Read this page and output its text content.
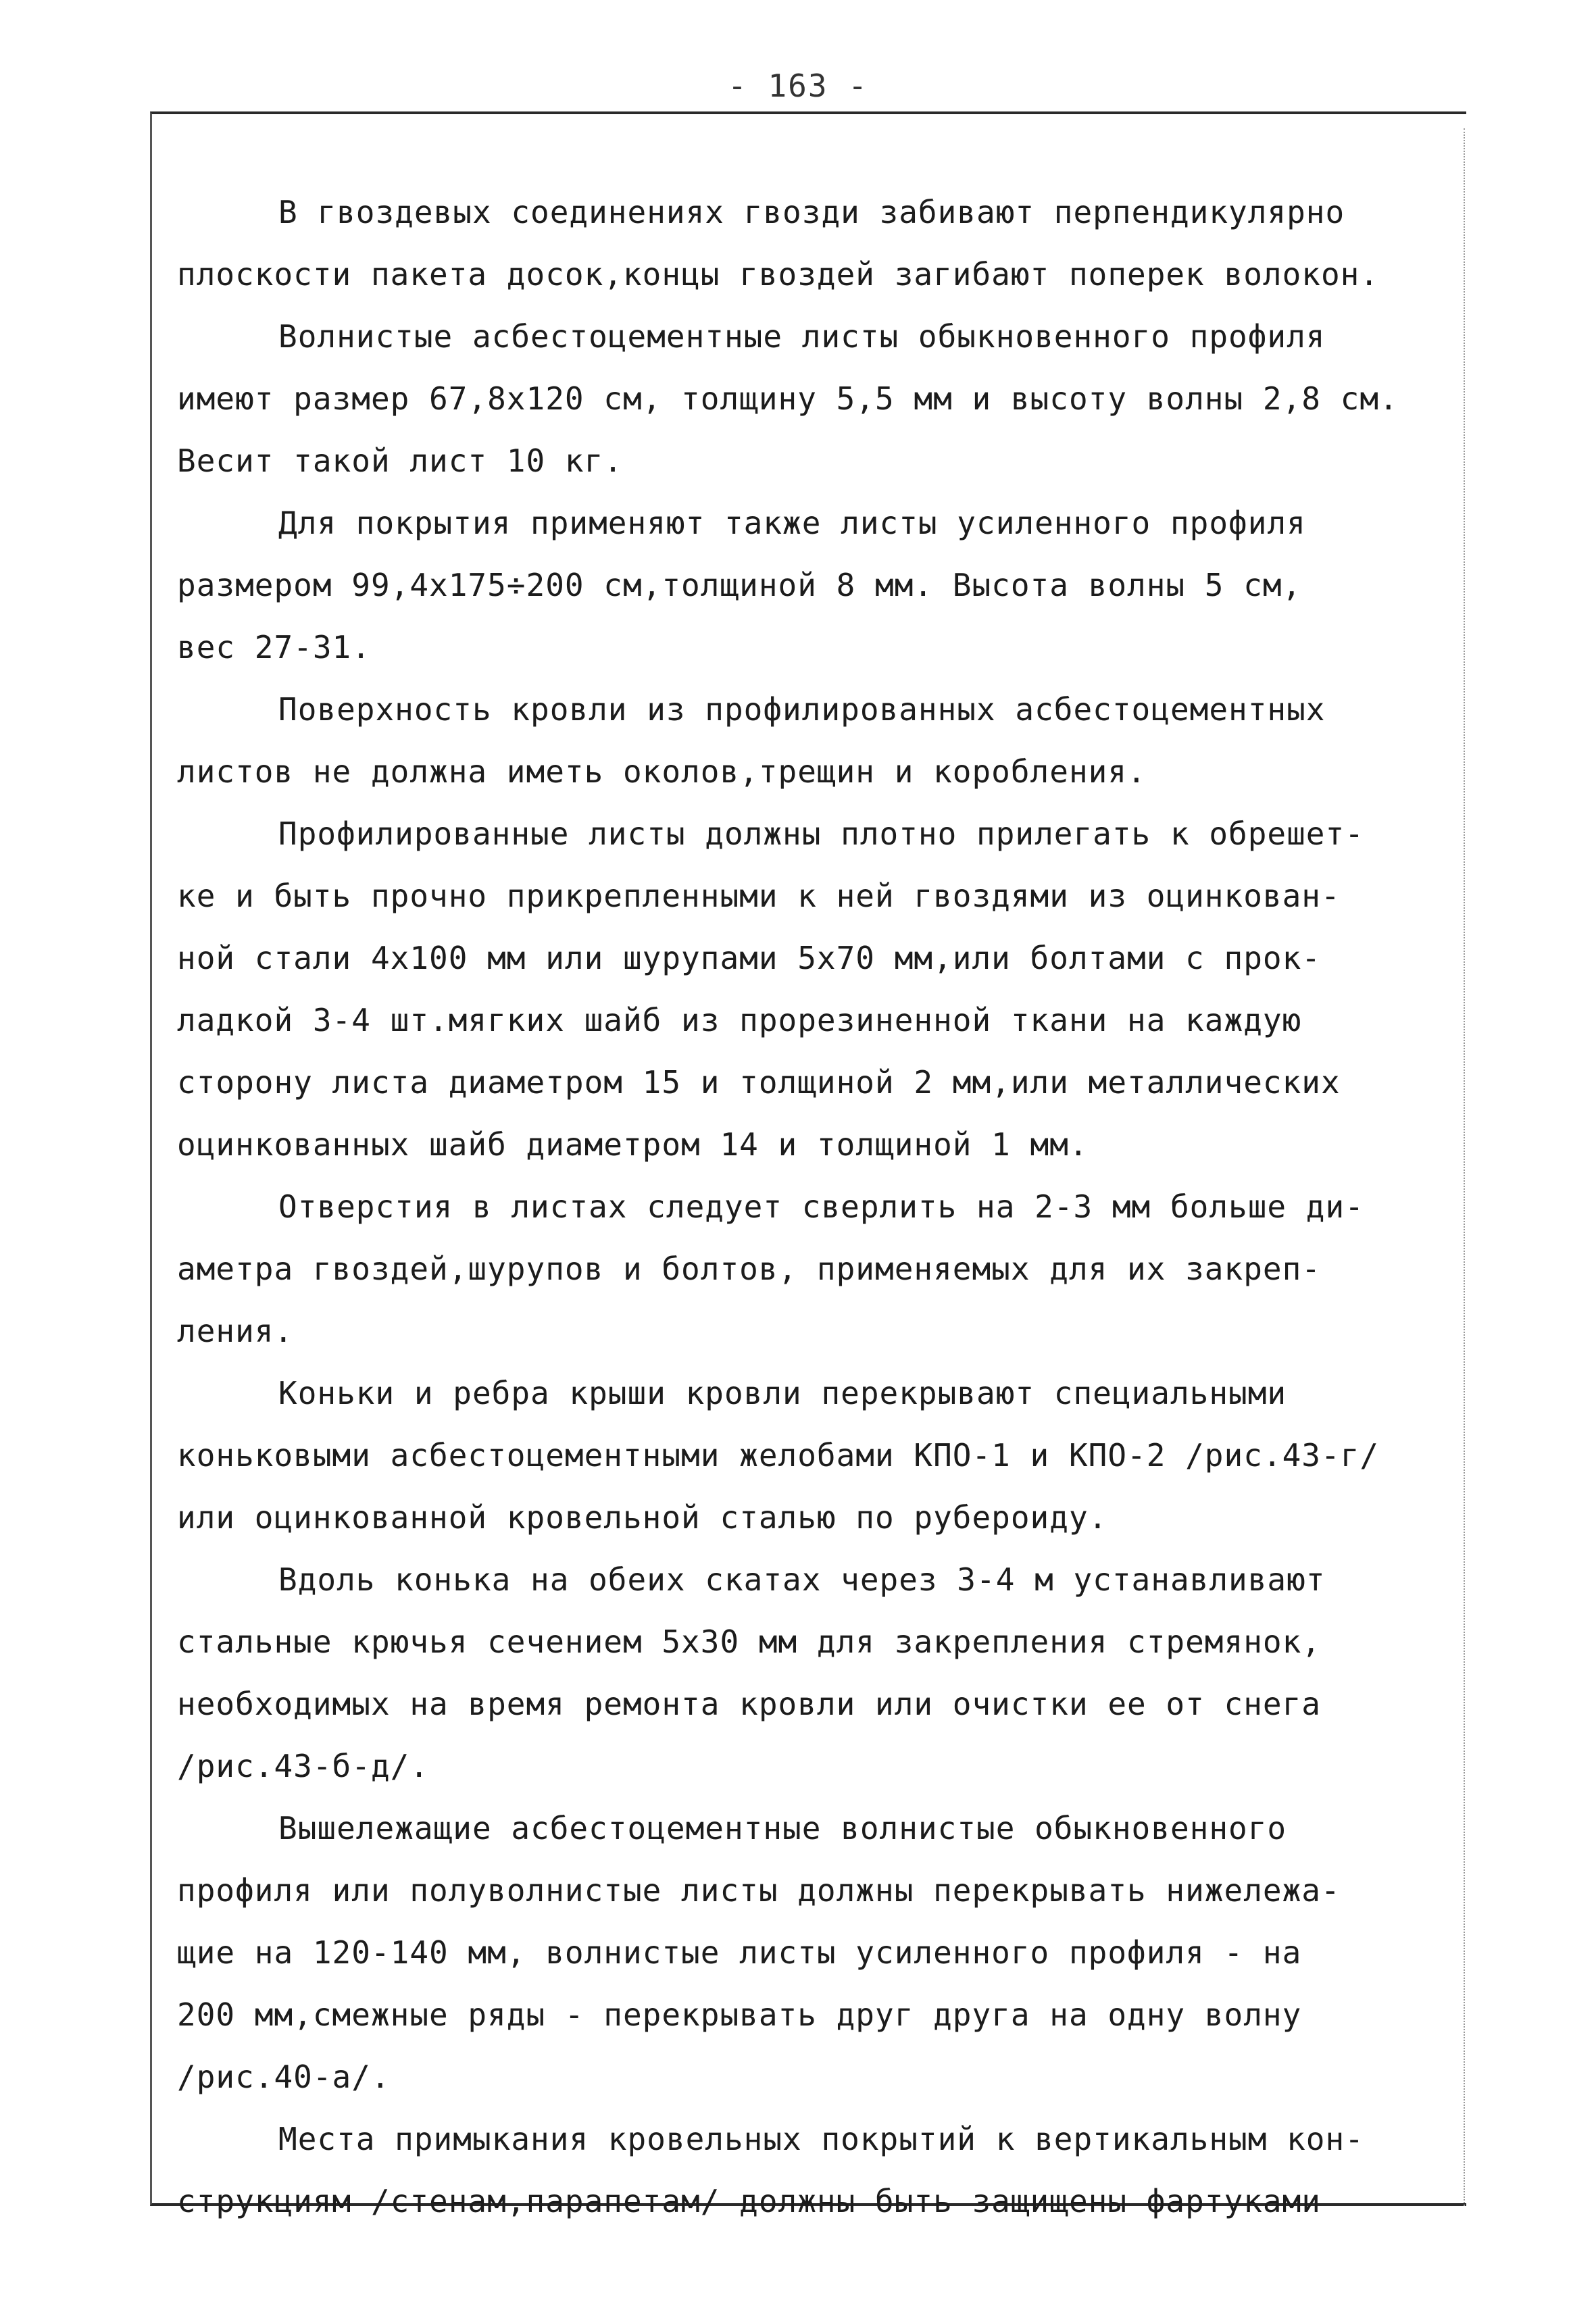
- 163 -
В гвоздевых соединениях гвозди забивают перпендикулярно
плоскости пакета досок,концы гвоздей загибают поперек волокон.
Волнистые асбестоцементные листы обыкновенного профиля
имеют размер 67,8х120 см, толщину 5,5 мм и высоту волны 2,8 см.
Весит такой лист 10 кг.
Для покрытия применяют также листы усиленного профиля
размером 99,4х175÷200 см,толщиной 8 мм. Высота волны 5 см,
вес 27-31.
Поверхность кровли из профилированных асбестоцементных
листов не должна иметь околов,трещин и коробления.
Профилированные листы должны плотно прилегать к обрешет-
ке и быть прочно прикрепленными к ней гвоздями из оцинкован-
ной стали 4х100 мм или шурупами 5х70 мм,или болтами с прок-
ладкой 3-4 шт.мягких шайб из прорезиненной ткани на каждую
сторону листа диаметром 15 и толщиной 2 мм,или металлических
оцинкованных шайб диаметром 14 и толщиной 1 мм.
Отверстия в листах следует сверлить на 2-3 мм больше ди-
аметра гвоздей,шурупов и болтов, применяемых для их закреп-
ления.
Коньки и ребра крыши кровли перекрывают специальными
коньковыми асбестоцементными желобами КПО-1 и КПО-2 /рис.43-г/
или оцинкованной кровельной сталью по рубероиду.
Вдоль конька на обеих скатах через 3-4 м устанавливают
стальные крючья сечением 5х30 мм для закрепления стремянок,
необходимых на время ремонта кровли или очистки ее от снега
/рис.43-б-д/.
Вышележащие асбестоцементные волнистые обыкновенного
профиля или полуволнистые листы должны перекрывать нижележа-
щие на 120-140 мм, волнистые листы усиленного профиля - на
200 мм,смежные ряды - перекрывать друг друга на одну волну
/рис.40-а/.
Места примыкания кровельных покрытий к вертикальным кон-
струкциям /стенам,парапетам/ должны быть защищены фартуками
